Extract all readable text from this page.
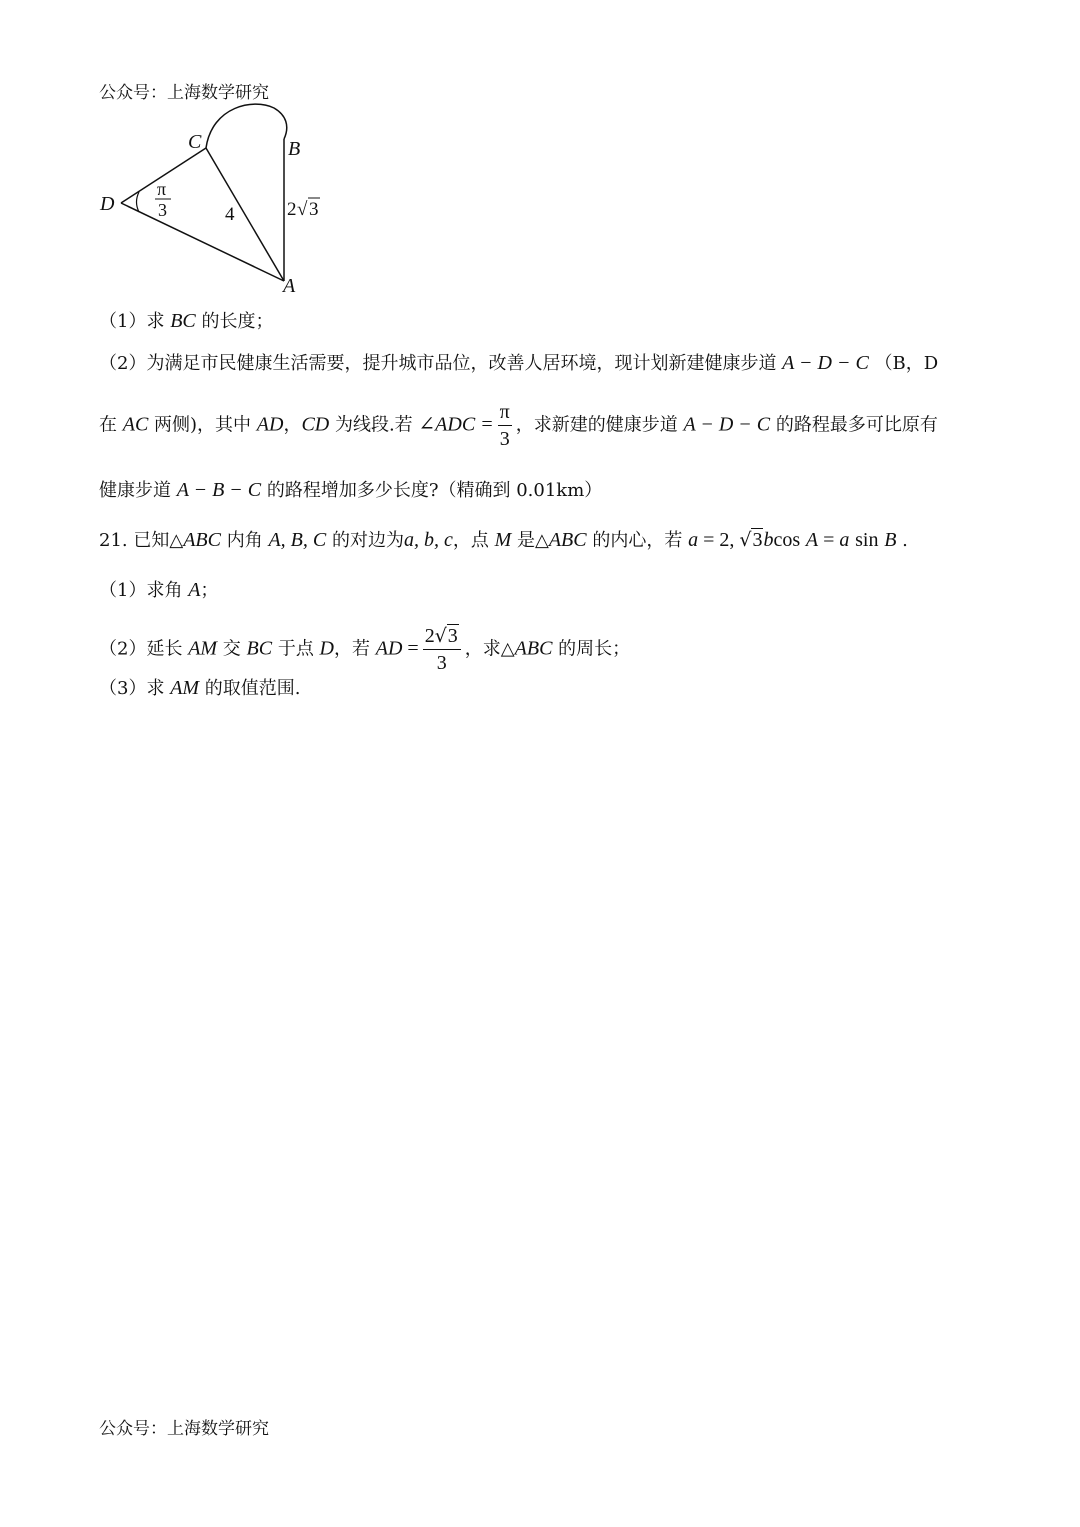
公众号：上海数学研究
C	B
D
A
π
3	4	2 √ 3
（1）求 BC 的长度；
（2）为满足市民健康生活需要，提升城市品位，改善人居环境，现计划新建健康步道 A − D − C （B，D
在 AC 两侧)，其中 AD，CD 为线段.若 ∠ADC = $\frac{\pi}{3}$ ，求新建的健康步道 A − D − C 的路程最多可比原有
健康步道 A − B − C 的路程增加多少长度?（精确到 0.01km）
21. 已知△ABC 内角 A, B, C 的对边为a, b, c，点 M 是△ABC 的内心，若 a = 2, √3bcos A = a sin B .
（1）求角 A；
（2）延长 AM 交 BC 于点 D，若 AD = $\frac{2√3}{3}$ ，求△ABC 的周长；
（3）求 AM 的取值范围.
公众号：上海数学研究
